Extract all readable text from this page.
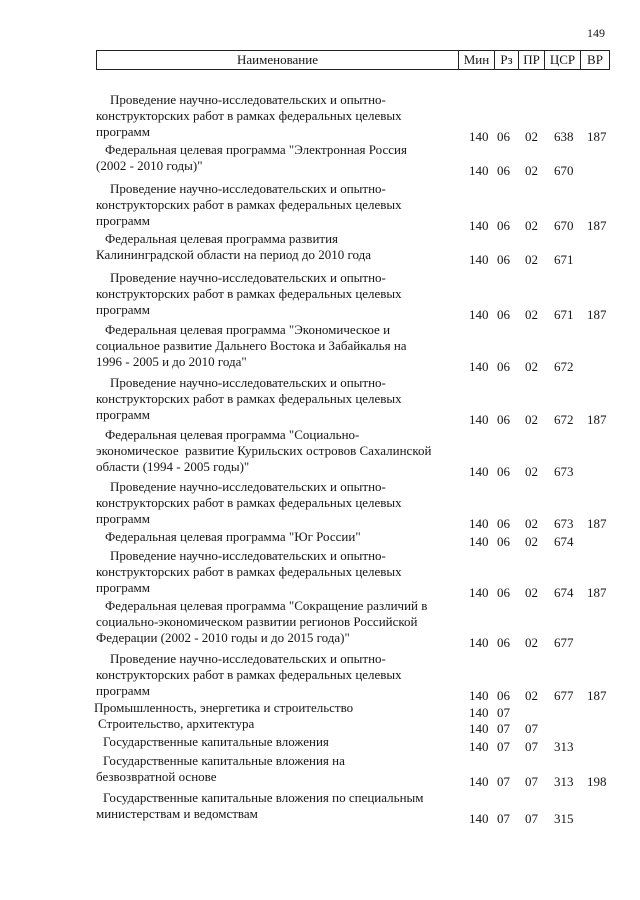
149
Наименование	Мин	Рз	ПР	ЦСР	ВР
Проведение научно-исследовательских и опытно-
конструкторских работ в рамках федеральных целевых
программ	140 06 02 638 187
Федеральная целевая программа "Электронная Россия
(2002 - 2010 годы)"	140 06 02 670
Проведение научно-исследовательских и опытно-
конструкторских работ в рамках федеральных целевых
программ	140 06 02 670 187
Федеральная целевая программа развития
Калининградской области на период до 2010 года	140 06 02 671
Проведение научно-исследовательских и опытно-
конструкторских работ в рамках федеральных целевых
программ	140 06 02 671 187
Федеральная целевая программа "Экономическое и
социальное развитие Дальнего Востока и Забайкалья на
1996 - 2005 и до 2010 года"	140 06 02 672
Проведение научно-исследовательских и опытно-
конструкторских работ в рамках федеральных целевых
программ	140 06 02 672 187
Федеральная целевая программа "Социально-
экономическое  развитие Курильских островов Сахалинской
области (1994 - 2005 годы)"	140 06 02 673
Проведение научно-исследовательских и опытно-
конструкторских работ в рамках федеральных целевых
программ	140 06 02 673 187
Федеральная целевая программа "Юг России"	140 06 02 674
Проведение научно-исследовательских и опытно-
конструкторских работ в рамках федеральных целевых
программ	140 06 02 674 187
Федеральная целевая программа "Сокращение различий в
социально-экономическом развитии регионов Российской
Федерации (2002 - 2010 годы и до 2015 года)"	140 06 02 677
Проведение научно-исследовательских и опытно-
конструкторских работ в рамках федеральных целевых
программ	140 06 02 677 187
Промышленность, энергетика и строительство	140 07
Строительство, архитектура	140 07 07
Государственные капитальные вложения	140 07 07 313
Государственные капитальные вложения на
безвозвратной основе	140 07 07 313 198
Государственные капитальные вложения по специальным
министерствам и ведомствам	140 07 07 315
